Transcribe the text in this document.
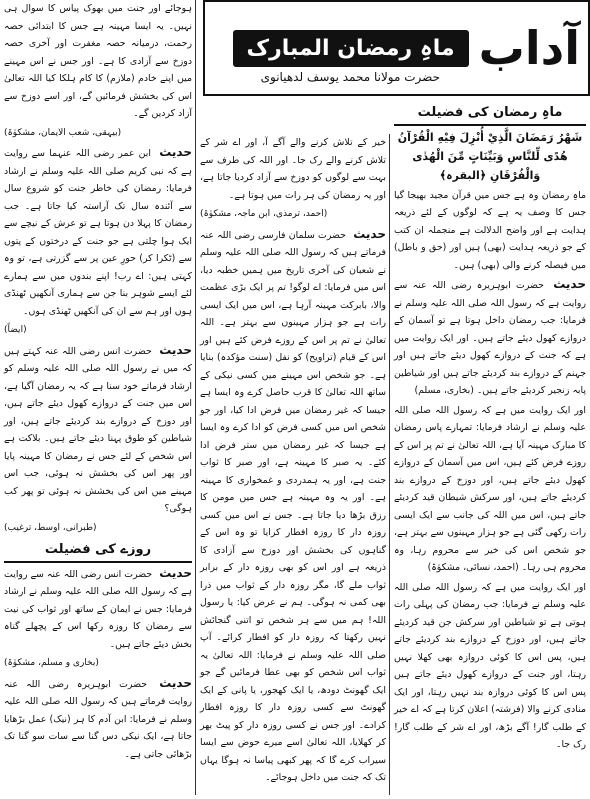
آداب
ماہِ رمضان المبارک
حضرت مولانا محمد یوسف لدھیانوی
ماہِ رمضان کی فضیلت
شَهْرُ رَمَضَانَ الَّذِيْ أُنْزِلَ فِيْهِ الْقُرْآنُ هُدًى لِّلنَّاسِ وَبَيِّنَاتٍ مِّنَ الْهُدٰى وَالْفُرْقَانِ ﴿البقرہ﴾

ماہِ رمضان وہ ہے جس میں قرآن مجید بھیجا گیا جس کا وصف یہ ہے کہ لوگوں کے لئے ذریعہ ہدایت ہے اور واضح الدلالت ہے منجملہ ان کتب کے جو ذریعہ ہدایت (بھی) ہیں اور (حق و باطل) میں فیصلہ کرنے والی (بھی) ہیں۔

حدیث حضرت ابوہریرہ رضی اللہ عنہ سے روایت ہے کہ رسول اللہ صلی اللہ علیہ وسلم نے فرمایا: جب رمضان داخل ہوتا ہے تو آسمان کے دروازے کھول دیئے جاتے ہیں۔ اور ایک روایت میں ہے کہ جنت کے دروازے کھول دیئے جاتے ہیں اور جہنم کے دروازے بند کردیئے جاتے ہیں اور شیاطین پابہ زنجیر کردیئے جاتے ہیں۔ (بخاری، مسلم)

اور ایک روایت میں ہے کہ رسول اللہ صلی اللہ علیہ وسلم نے ارشاد فرمایا: تمہارے پاس رمضان کا مبارک مہینہ آیا ہے، اللہ تعالیٰ نے تم پر اس کے روزے فرض کئے ہیں، اس میں آسمان کے دروازے کھول دیئے جاتے ہیں، اور دوزخ کے دروازے بند کردیئے جاتے ہیں، اور سرکش شیطان قید کردیئے جاتے ہیں، اس میں اللہ کی جانب سے ایک ایسی رات رکھی گئی ہے جو ہزار مہینوں سے بہتر ہے، جو شخص اس کی خیر سے محروم رہا، وہ محروم ہی رہا۔ (احمد، نسائی، مشکوٰۃ)

اور ایک روایت میں ہے کہ رسول اللہ صلی اللہ علیہ وسلم نے فرمایا: جب رمضان کی پہلی رات ہوتی ہے تو شیاطین اور سرکش جن قید کردیئے جاتے ہیں، اور دوزخ کے دروازے بند کردیئے جاتے ہیں، پس اس کا کوئی دروازہ بھی کھلا نہیں رہتا، اور جنت کے دروازے کھول دیئے جاتے ہیں پس اس کا کوئی دروازہ بند نہیں رہتا، اور ایک منادی کرنے والا (فرشتہ) اعلان کرتا ہے کہ اے خیر کے طلب گار! آگے بڑھ، اور اے شر کے طلب گار! رک جا۔

خیر کے تلاش کرنے والے آگے آ، اور اے شر کے تلاش کرنے والے رک جا۔ اور اللہ کی طرف سے بہت سے لوگوں کو دوزخ سے آزاد کردیا جاتا ہے، اور یہ رمضان کی ہر رات میں ہوتا ہے۔

(احمد، ترمذی، ابن ماجہ، مشکوٰۃ)

حدیث حضرت سلمان فارسی رضی اللہ عنہ فرماتے ہیں کہ رسول اللہ صلی اللہ علیہ وسلم نے شعبان کی آخری تاریخ میں ہمیں خطبہ دیا، اس میں فرمایا: اے لوگو! تم پر ایک بڑی عظمت والا، بابرکت مہینہ آرہا ہے، اس میں ایک ایسی رات ہے جو ہزار مہینوں سے بہتر ہے۔ اللہ تعالیٰ نے تم پر اس کے روزے فرض کئے ہیں اور اس کے قیام (تراویح) کو نفل (سنت مؤکدہ) بنایا ہے۔ جو شخص اس مہینے میں کسی نیکی کے ساتھ اللہ تعالیٰ کا قرب حاصل کرے وہ ایسا ہے جیسا کہ غیر رمضان میں فرض ادا کیا، اور جو شخص اس میں کسی فرض کو ادا کرے وہ ایسا ہے جیسا کہ غیر رمضان میں ستر فرض ادا کئے۔ یہ صبر کا مہینہ ہے، اور صبر کا ثواب جنت ہے، اور یہ ہمدردی و غمخواری کا مہینہ ہے۔ اور یہ وہ مہینہ ہے جس میں مومن کا رزق بڑھا دیا جاتا ہے۔ جس نے اس میں کسی روزہ دار کا روزہ افطار کرایا تو وہ اس کے گناہوں کی بخشش اور دوزخ سے آزادی کا ذریعہ ہے اور اس کو بھی روزہ دار کے برابر ثواب ملے گا، مگر روزہ دار کے ثواب میں ذرا بھی کمی نہ ہوگی۔ ہم نے عرض کیا: یا رسول اللہ! ہم میں سے ہر شخص تو اتنی گنجائش نہیں رکھتا کہ روزہ دار کو افطار کرائے۔ آپ صلی اللہ علیہ وسلم نے فرمایا: اللہ تعالیٰ یہ ثواب اس شخص کو بھی عطا فرمائیں گے جو ایک گھونٹ دودھ، یا ایک کھجور، یا پانی کے ایک گھونٹ سے کسی روزہ دار کا روزہ افطار کرادے۔ اور جس نے کسی روزہ دار کو پیٹ بھر کر کھلایا، اللہ تعالیٰ اسے میرے حوض سے ایسا سیراب کرے گا کہ پھر کبھی پیاسا نہ ہوگا یہاں تک کہ جنت میں داخل ہوجائے۔

ہوجائے اور جنت میں بھوک پیاس کا سوال ہی نہیں۔ یہ ایسا مہینہ ہے جس کا ابتدائی حصہ رحمت، درمیانہ حصہ مغفرت اور آخری حصہ دوزخ سے آزادی کا ہے۔ اور جس نے اس مہینے میں اپنے خادم (ملازم) کا کام ہلکا کیا اللہ تعالیٰ اس کی بخشش فرمائیں گے، اور اسے دوزخ سے آزاد کردیں گے۔

(بیہقی، شعب الایمان، مشکوٰۃ)

حدیث ابن عمر رضی اللہ عنہما سے روایت ہے کہ نبی کریم صلی اللہ علیہ وسلم نے ارشاد فرمایا: رمضان کی خاطر جنت کو شروع سال سے آئندہ سال تک آراستہ کیا جاتا ہے۔ جب رمضان کا پہلا دن ہوتا ہے تو عرش کے نیچے سے ایک ہوا چلتی ہے جو جنت کے درختوں کے پتوں سے (ٹکرا کر) حورِ عین پر سے گزرتی ہے، تو وہ کہتی ہیں: اے رب! اپنے بندوں میں سے ہمارے لئے ایسے شوہر بنا جن سے ہماری آنکھیں ٹھنڈی ہوں اور ہم سے ان کی آنکھیں ٹھنڈی ہوں۔

(ایضاً)

حدیث حضرت انس رضی اللہ عنہ کہتے ہیں کہ میں نے رسول اللہ صلی اللہ علیہ وسلم کو ارشاد فرماتے خود سنا ہے کہ یہ رمضان آگیا ہے، اس میں جنت کے دروازے کھول دیئے جاتے ہیں، اور دوزخ کے دروازے بند کردیئے جاتے ہیں، اور شیاطین کو طوق پہنا دیئے جاتے ہیں۔ بلاکت ہے اس شخص کے لئے جس نے رمضان کا مہینہ پایا اور پھر اس کی بخشش نہ ہوئی، جب اس مہینے میں اس کی بخشش نہ ہوئی تو پھر کب ہوگی؟

(طبرانی، اوسط، ترغیب)

روزے کی فضیلت

حدیث حضرت انس رضی اللہ عنہ سے روایت ہے کہ رسول اللہ صلی اللہ علیہ وسلم نے ارشاد فرمایا: جس نے ایمان کے ساتھ اور ثواب کی نیت سے رمضان کا روزہ رکھا اس کے پچھلے گناہ بخش دیئے جاتے ہیں۔

(بخاری و مسلم، مشکوٰۃ)

حدیث حضرت ابوہریرہ رضی اللہ عنہ روایت فرماتے ہیں کہ رسول اللہ صلی اللہ علیہ وسلم نے فرمایا: ابن آدم کا ہر (نیک) عمل بڑھایا جاتا ہے، ایک نیکی دس گنا سے سات سو گنا تک بڑھائی جاتی ہے۔
